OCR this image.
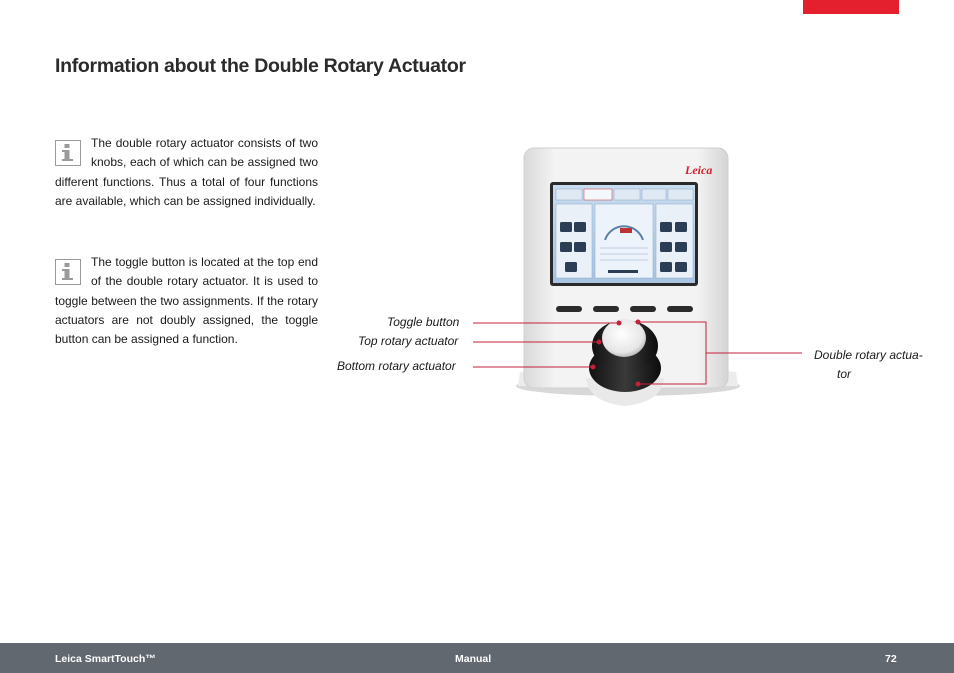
Information about the Double Rotary Actuator
The double rotary actuator consists of two knobs, each of which can be assigned two different functions. Thus a total of four functions are available, which can be assigned individually.
The toggle button is located at the top end of the double rotary actuator. It is used to toggle between the two assignments. If the rotary actuators are not doubly assigned, the toggle button can be assigned a function.
Leica
Toggle button
Top rotary actuator
Bottom rotary actuator
Double rotary actua-
tor
Leica SmartTouch™	Manual	72
